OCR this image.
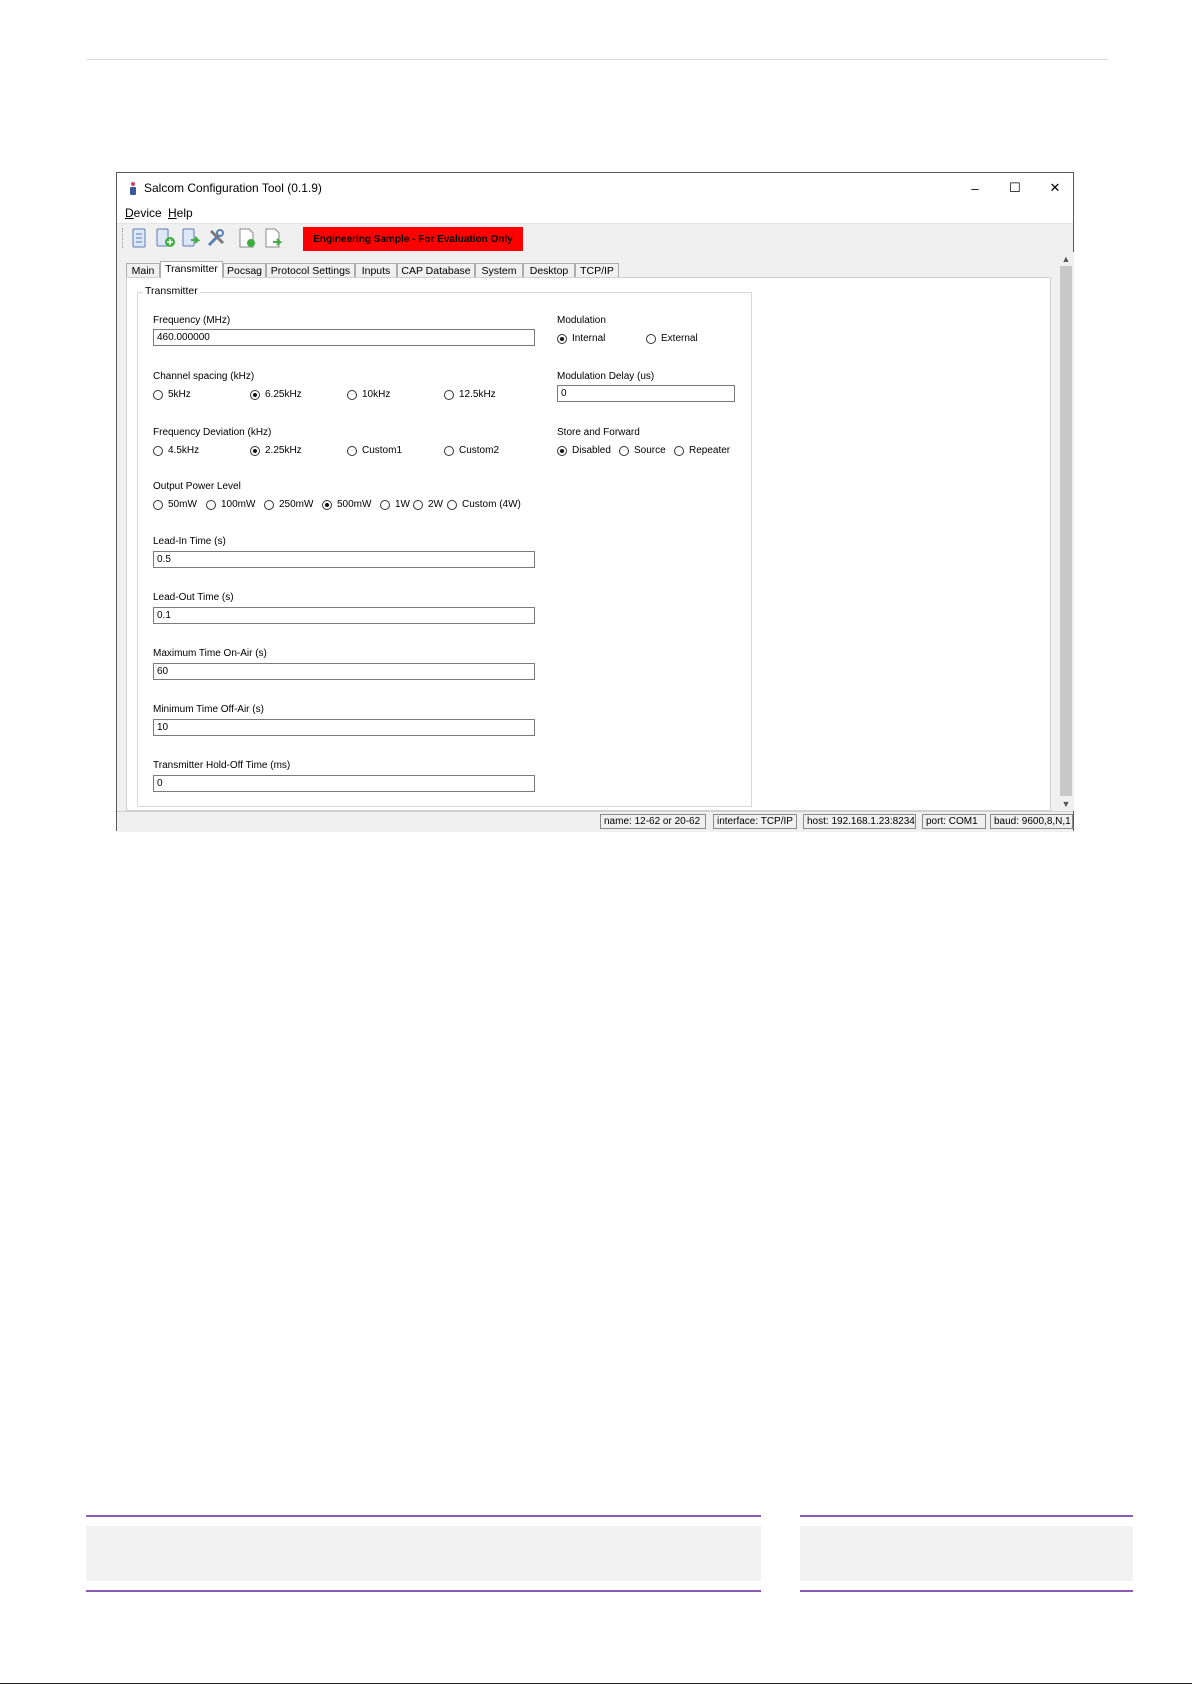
Salcom Configuration Tool (0.1.9)	–	☐	✕
Device Help
Engineering Sample - For Evaluation Only
Main	Transmitter Pocsag Protocol Settings	Inputs	CAP Database	System	Desktop	TCP/IP
Transmitter
Frequency (MHz)
460.000000
Channel spacing (kHz)
5kHz	6.25kHz	10kHz	12.5kHz
Frequency Deviation (kHz)
4.5kHz	2.25kHz	Custom1	Custom2
Output Power Level
50mW 100mW 250mW 500mW 1W 2W Custom (4W)
Lead-In Time (s)
0.5
Lead-Out Time (s)
0.1
Maximum Time On-Air (s)
60
Minimum Time Off-Air (s)
10
Transmitter Hold-Off Time (ms)
0
Modulation
Internal	External
Modulation Delay (us)
0
Store and Forward
Disabled Source Repeater
▲
▼
name: 12-62 or 20-62	interface: TCP/IP	host: 192.168.1.23:8234	port: COM1	baud: 9600,8,N,1
